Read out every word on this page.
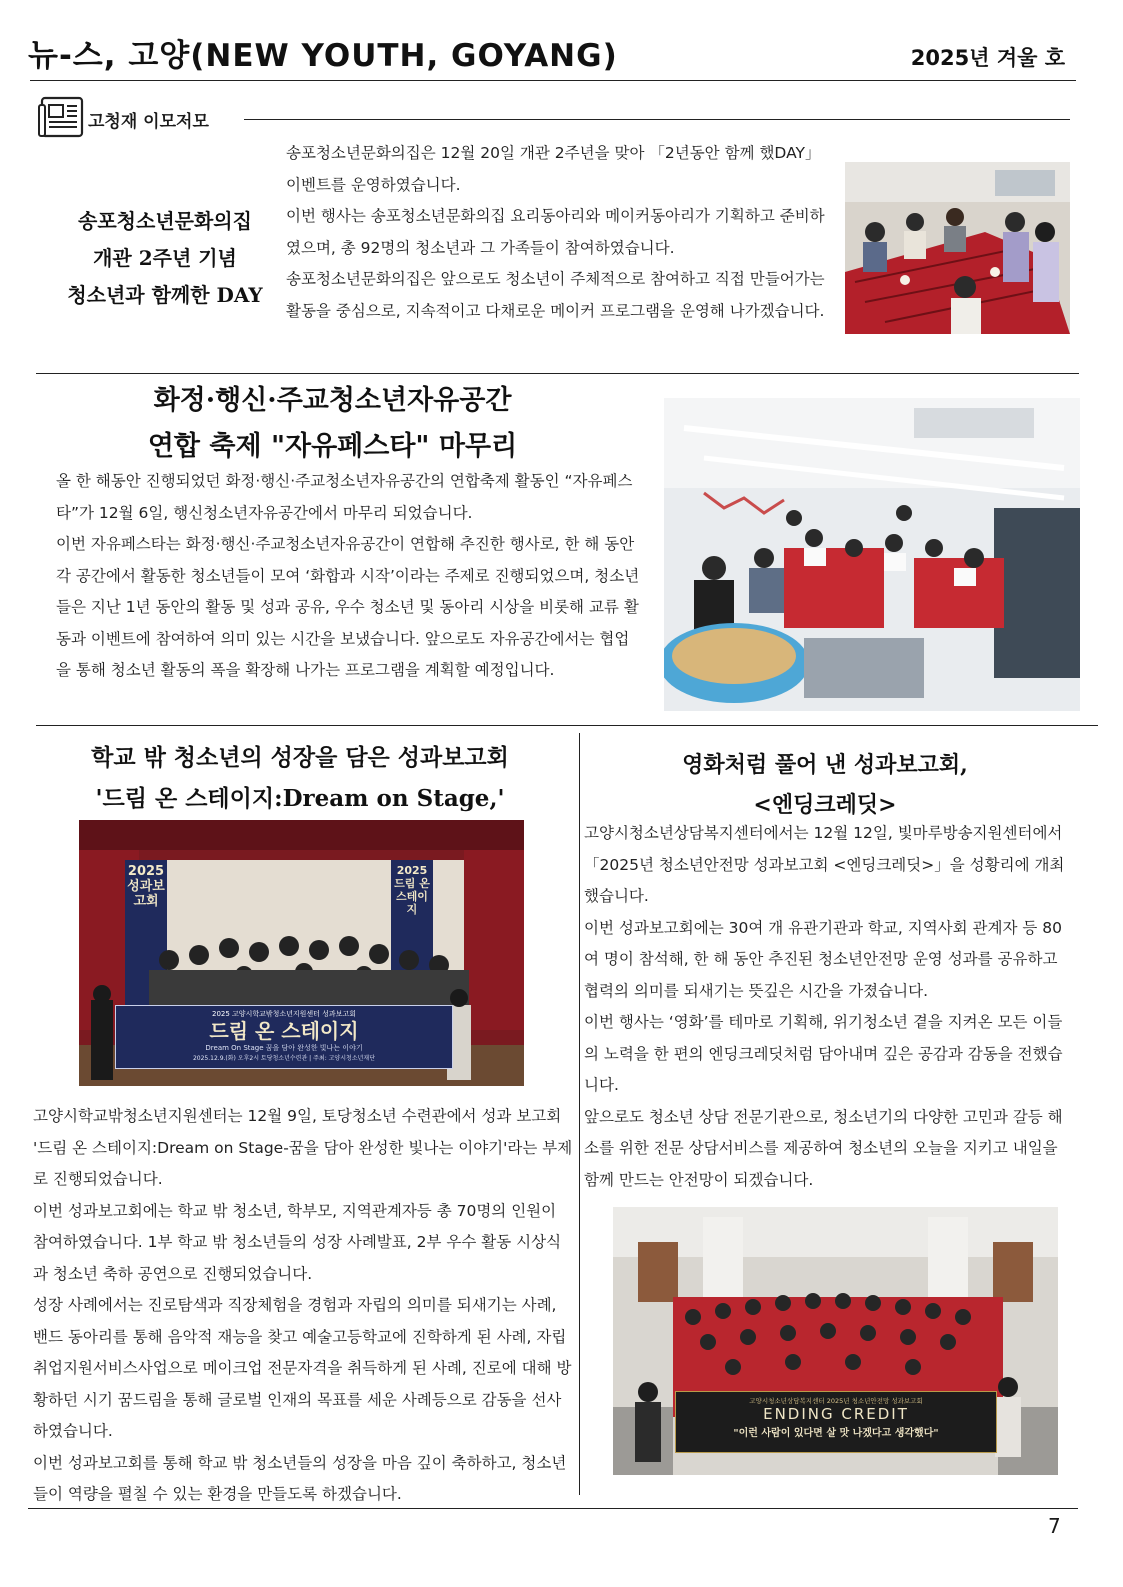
뉴-스, 고양(NEW YOUTH, GOYANG)	2025년 겨울 호
고청재 이모저모
송포청소년문화의집
개관 2주년 기념
청소년과 함께한 DAY

송포청소년문화의집은 12월 20일 개관 2주년을 맞아 「2년동안 함께 했DAY」 이벤트를 운영하였습니다.

이번 행사는 송포청소년문화의집 요리동아리와 메이커동아리가 기획하고 준비하였으며, 총 92명의 청소년과 그 가족들이 참여하였습니다.

송포청소년문화의집은 앞으로도 청소년이 주체적으로 참여하고 직접 만들어가는 활동을 중심으로, 지속적이고 다채로운 메이커 프로그램을 운영해 나가겠습니다.

화정·행신·주교청소년자유공간
연합 축제 "자유페스타" 마무리

올 한 해동안 진행되었던 화정·행신·주교청소년자유공간의 연합축제 활동인 “자유페스타”가 12월 6일, 행신청소년자유공간에서 마무리 되었습니다.

이번 자유페스타는 화정·행신·주교청소년자유공간이 연합해 추진한 행사로, 한 해 동안 각 공간에서 활동한 청소년들이 모여 ‘화합과 시작’이라는 주제로 진행되었으며, 청소년들은 지난 1년 동안의 활동 및 성과 공유, 우수 청소년 및 동아리 시상을 비롯해 교류 활동과 이벤트에 참여하여 의미 있는 시간을 보냈습니다. 앞으로도 자유공간에서는 협업을 통해 청소년 활동의 폭을 확장해 나가는 프로그램을 계획할 예정입니다.

학교 밖 청소년의 성장을 담은 성과보고회
'드림 온 스테이지:Dream on Stage,'
2025 고양시학교밖청소년지원센터 성과보고회
드림 온 스테이지
Dream On Stage 꿈을 담아 완성한 빛나는 이야기
2025.12.9.(화) 오후2시 토당청소년수련관 | 주최: 고양시청소년재단
2025 성과보고회
2025 드림 온 스테이지

고양시학교밖청소년지원센터는 12월 9일, 토당청소년 수련관에서 성과 보고회 '드림 온 스테이지:Dream on Stage-꿈을 담아 완성한 빛나는 이야기'라는 부제로 진행되었습니다.

이번 성과보고회에는 학교 밖 청소년, 학부모, 지역관계자등 총 70명의 인원이 참여하였습니다. 1부 학교 밖 청소년들의 성장 사례발표, 2부 우수 활동 시상식과 청소년 축하 공연으로 진행되었습니다.

성장 사례에서는 진로탐색과 직장체험을 경험과 자립의 의미를 되새기는 사례, 밴드 동아리를 통해 음악적 재능을 찾고 예술고등학교에 진학하게 된 사례, 자립취업지원서비스사업으로 메이크업 전문자격을 취득하게 된 사례, 진로에 대해 방황하던 시기 꿈드림을 통해 글로벌 인재의 목표를 세운 사례등으로 감동을 선사하였습니다.

이번 성과보고회를 통해 학교 밖 청소년들의 성장을 마음 깊이 축하하고, 청소년들이 역량을 펼칠 수 있는 환경을 만들도록 하겠습니다.

영화처럼 풀어 낸 성과보고회,
<엔딩크레딧>

고양시청소년상담복지센터에서는 12월 12일, 빛마루방송지원센터에서 「2025년 청소년안전망 성과보고회 <엔딩크레딧>」을 성황리에 개최했습니다.

이번 성과보고회에는 30여 개 유관기관과 학교, 지역사회 관계자 등 80여 명이 참석해, 한 해 동안 추진된 청소년안전망 운영 성과를 공유하고 협력의 의미를 되새기는 뜻깊은 시간을 가졌습니다.

이번 행사는 ‘영화’를 테마로 기획해, 위기청소년 곁을 지켜온 모든 이들의 노력을 한 편의 엔딩크레딧처럼 담아내며 깊은 공감과 감동을 전했습니다.

앞으로도 청소년 상담 전문기관으로, 청소년기의 다양한 고민과 갈등 해소를 위한 전문 상담서비스를 제공하여 청소년의 오늘을 지키고 내일을 함께 만드는 안전망이 되겠습니다.

고양시청소년상담복지센터 2025년 청소년안전망 성과보고회
ENDING CREDIT
"이런 사람이 있다면 살 맛 나겠다고 생각했다"
7
